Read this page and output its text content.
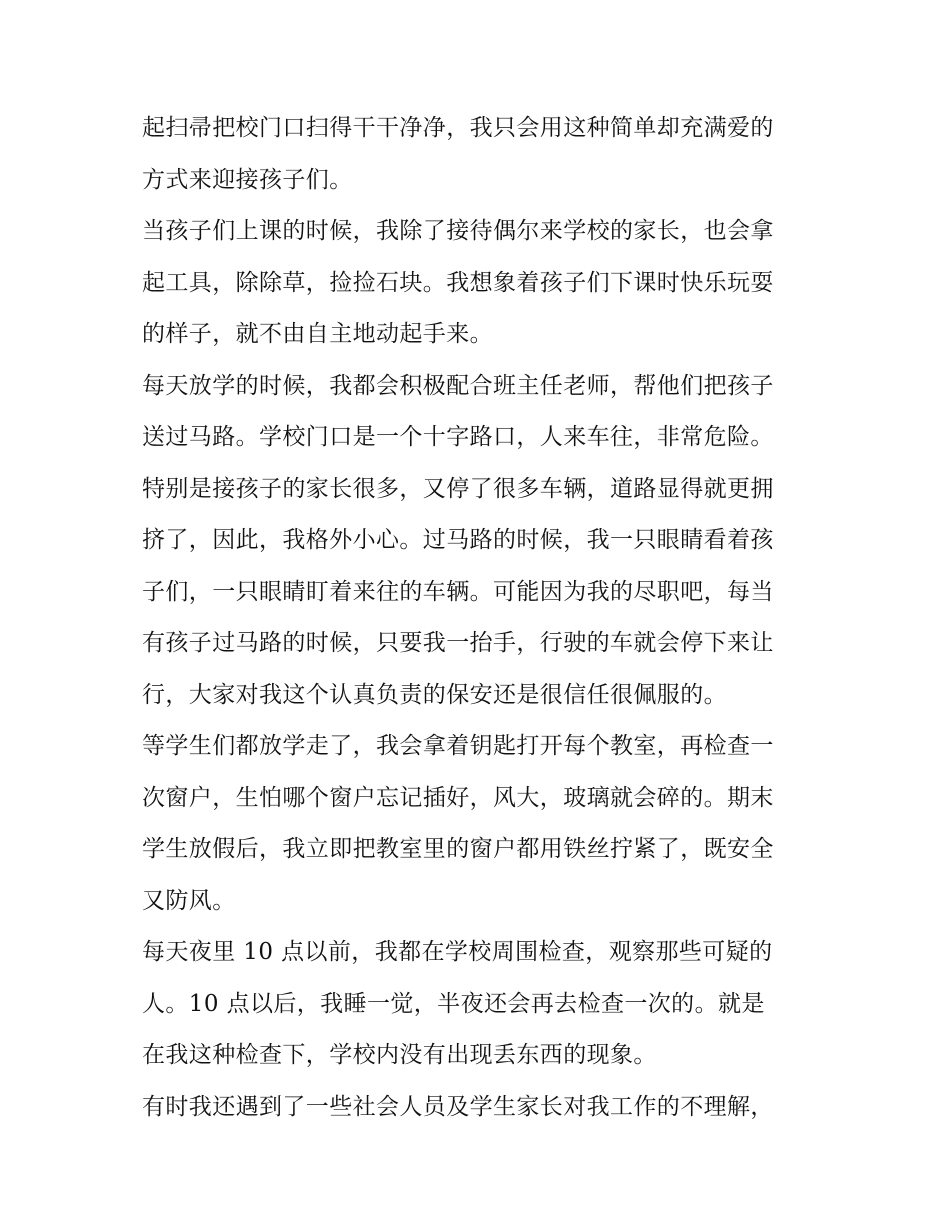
起扫帚把校门口扫得干干净净，我只会用这种简单却充满爱的
方式来迎接孩子们。
当孩子们上课的时候，我除了接待偶尔来学校的家长，也会拿
起工具，除除草，捡捡石块。我想象着孩子们下课时快乐玩耍
的样子，就不由自主地动起手来。
每天放学的时候，我都会积极配合班主任老师，帮他们把孩子
送过马路。学校门口是一个十字路口，人来车往，非常危险。
特别是接孩子的家长很多，又停了很多车辆，道路显得就更拥
挤了，因此，我格外小心。过马路的时候，我一只眼睛看着孩
子们，一只眼睛盯着来往的车辆。可能因为我的尽职吧，每当
有孩子过马路的时候，只要我一抬手，行驶的车就会停下来让
行，大家对我这个认真负责的保安还是很信任很佩服的。
等学生们都放学走了，我会拿着钥匙打开每个教室，再检查一
次窗户，生怕哪个窗户忘记插好，风大，玻璃就会碎的。期末
学生放假后，我立即把教室里的窗户都用铁丝拧紧了，既安全
又防风。
每天夜里 10 点以前，我都在学校周围检查，观察那些可疑的
人。10 点以后，我睡一觉，半夜还会再去检查一次的。就是
在我这种检查下，学校内没有出现丢东西的现象。
有时我还遇到了一些社会人员及学生家长对我工作的不理解，
